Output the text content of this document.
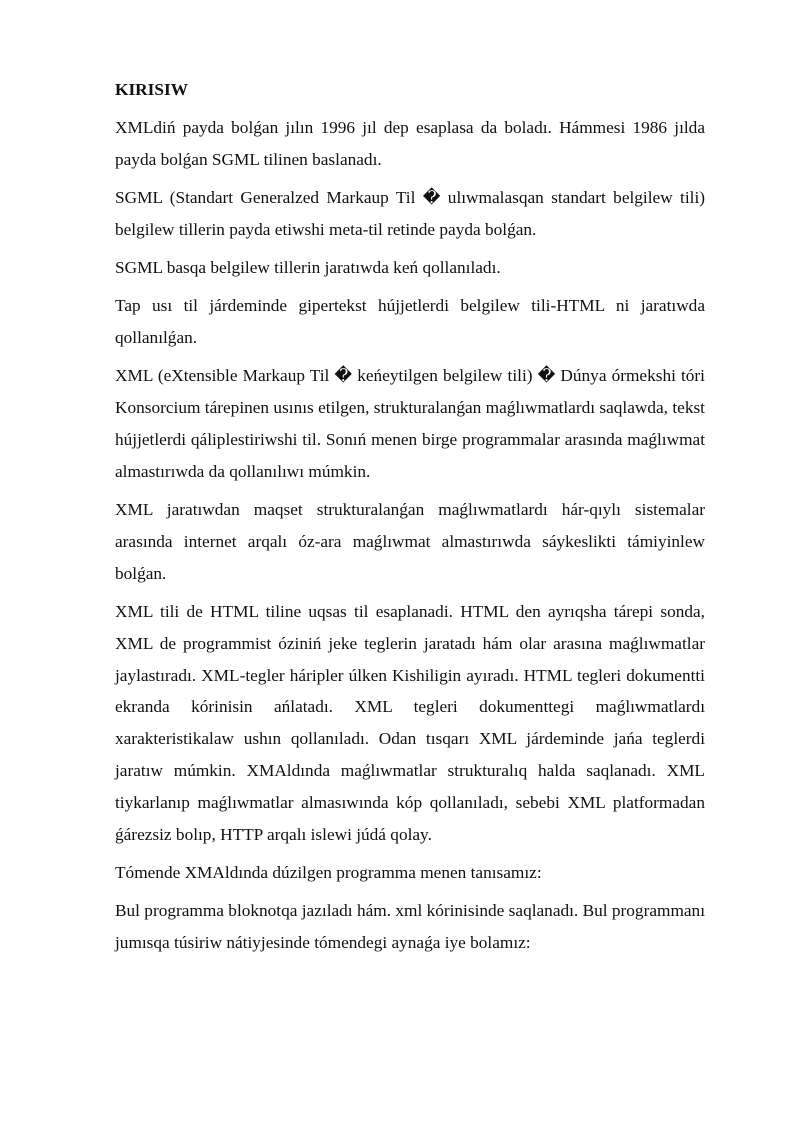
KIRISIW

XMLdiń payda bolǵan jılın 1996 jıl dep esaplasa da boladı. Hámmesi 1986 jılda payda bolǵan SGML tilinen baslanadı.

SGML (Standart Generalzed Markaup Til � ulıwmalasqan standart belgilew tili) belgilew tillerin payda etiwshi meta-til retinde payda bolǵan.

SGML basqa belgilew tillerin jaratıwda keń qollanıladı.

Tap usı til járdeminde gipertekst hújjetlerdi belgilew tili-HTML ni jaratıwda qollanılǵan.

XML (eXtensible Markaup Til � keńeytilgen belgilew tili) � Dúnya órmekshi tóri Konsorcium tárepinen usınıs etilgen, strukturalanǵan maǵlıwmatlardı saqlawda, tekst hújjetlerdi qáliplestiriwshi til. Sonıń menen birge programmalar arasında maǵlıwmat almastırıwda da qollanılıwı múmkin.

XML jaratıwdan maqset strukturalanǵan maǵlıwmatlardı hár-qıylı sistemalar arasında internet arqalı óz-ara maǵlıwmat almastırıwda sáykeslikti támiyinlew bolǵan.

XML tili de HTML tiline uqsas til esaplanadi. HTML den ayrıqsha tárepi sonda, XML de programmist óziniń jeke teglerin jaratadı hám olar arasına maǵlıwmatlar jaylastıradı. XML-tegler háripler úlken Kishiligin ayıradı. HTML tegleri dokumentti ekranda kórinisin ańlatadı. XML tegleri dokumenttegi maǵlıwmatlardı xarakteristikalaw ushın qollanıladı. Odan tısqarı XML járdeminde jańa teglerdi jaratıw múmkin. XMAldında maǵlıwmatlar strukturalıq halda saqlanadı. XML tiykarlanıp maǵlıwmatlar almasıwında kóp qollanıladı, sebebi XML platformadan ǵárezsiz bolıp, HTTP arqalı islewi júdá qolay.

Tómende XMAldında dúzilgen programma menen tanısamız:

Bul programma bloknotqa jazıladı hám. xml kórinisinde saqlanadı. Bul programmanı jumısqa túsiriw nátiyjesinde tómendegi aynaǵa iye bolamız:
